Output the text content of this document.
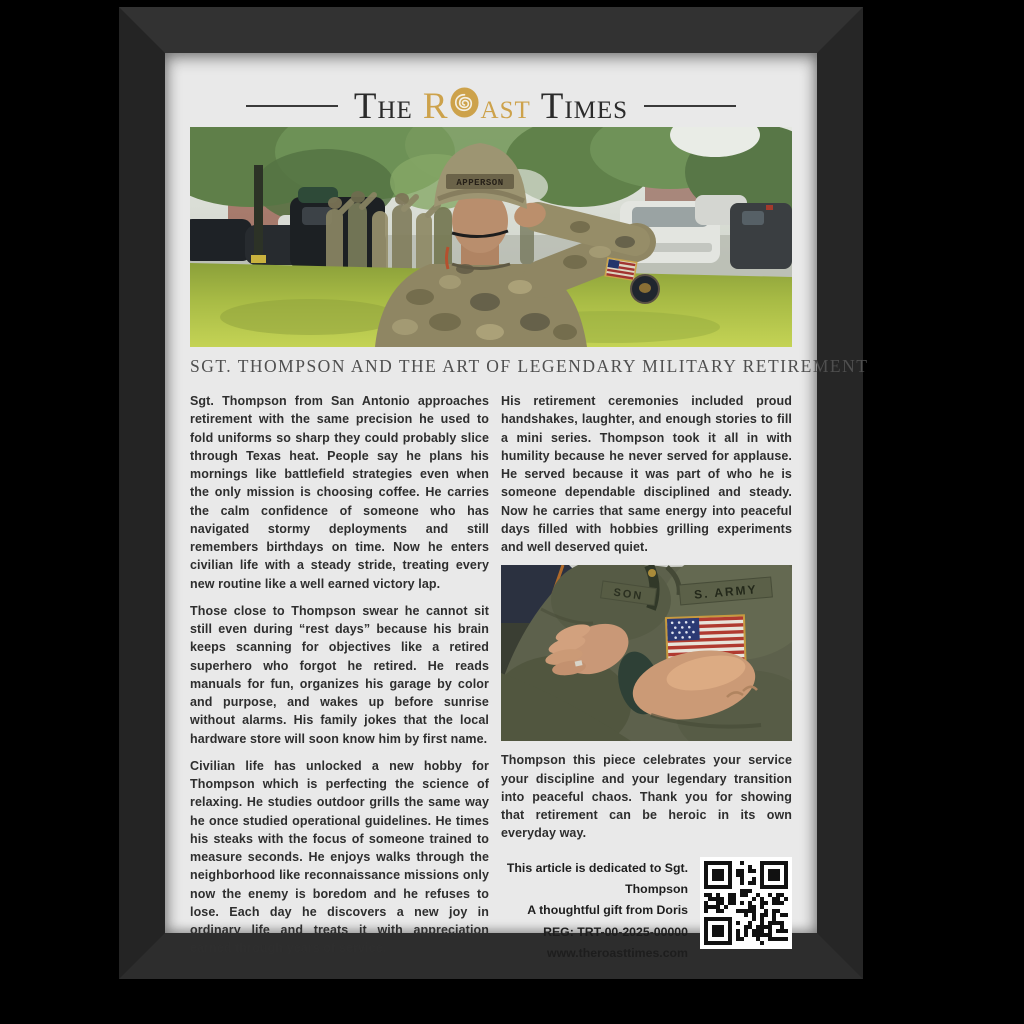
THE R AST TIMES
APPERSON
SGT. THOMPSON AND THE ART OF LEGENDARY MILITARY RETIREMENT

Sgt. Thompson from San Antonio approaches retirement with the same precision he used to fold uniforms so sharp they could probably slice through Texas heat. People say he plans his mornings like battlefield strategies even when the only mission is choosing coffee. He carries the calm confidence of someone who has navigated stormy deployments and still remembers birthdays on time. Now he enters civilian life with a steady stride, treating every new routine like a well earned victory lap.

Those close to Thompson swear he cannot sit still even during “rest days” because his brain keeps scanning for objectives like a retired superhero who forgot he retired. He reads manuals for fun, organizes his garage by color and purpose, and wakes up before sunrise without alarms. His family jokes that the local hardware store will soon know him by first name.

Civilian life has unlocked a new hobby for Thompson which is perfecting the science of relaxing. He studies outdoor grills the same way he once studied operational guidelines. He times his steaks with the focus of someone trained to measure seconds. He enjoys walks through the neighborhood like reconnaissance missions only now the enemy is boredom and he refuses to lose. Each day he discovers a new joy in ordinary life and treats it with appreciation earned through years of service.

His retirement ceremonies included proud handshakes, laughter, and enough stories to fill a mini series. Thompson took it all in with humility because he never served for applause. He served because it was part of who he is someone dependable disciplined and steady. Now he carries that same energy into peaceful days filled with hobbies grilling experiments and well deserved quiet.

SON	S. ARMY

Thompson this piece celebrates your service your discipline and your legendary transition into peaceful chaos. Thank you for showing that retirement can be heroic in its own everyday way.

This article is dedicated to Sgt. Thompson
A thoughtful gift from Doris
REG: TRT-00-2025-00000
www.theroasttimes.com
